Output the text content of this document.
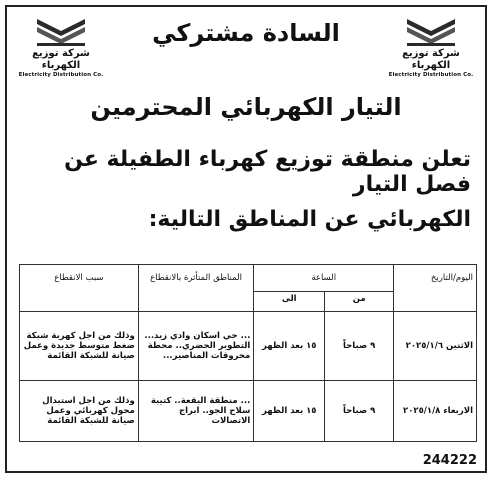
شركة توزيع الكهرباء
Electricity Distribution Co.
شركة توزيع الكهرباء
Electricity Distribution Co.
السادة مشتركي
التيار الكهربائي المحترمين
تعلن منطقة توزيع كهرباء الطفيلة عن فصل التيار
الكهربائي عن المناطق التالية:
اليوم/التاريخ	الساعة		المناطق المتأثرة بالانقطاع	سبب الانقطاع
	من	الى		
الاثنين ٢٠٢٥/١/٦	٩ صباحاً	١٥ بعد الظهر	... حي اسكان وادي زيد... التطوير الحضري.. محطة محروقات المناصير...	وذلك من اجل كهربة شبكة ضغط متوسط جديدة وعمل صيانة للشبكة القائمة
الاربعاء ٢٠٢٥/١/٨	٩ صباحاً	١٥ بعد الظهر	... منطقة البقعة.. كتيبة سلاح الجو.. ابراج الاتصالات	وذلك من اجل استبدال محول كهربائي وعمل صيانة للشبكة القائمة
244222
